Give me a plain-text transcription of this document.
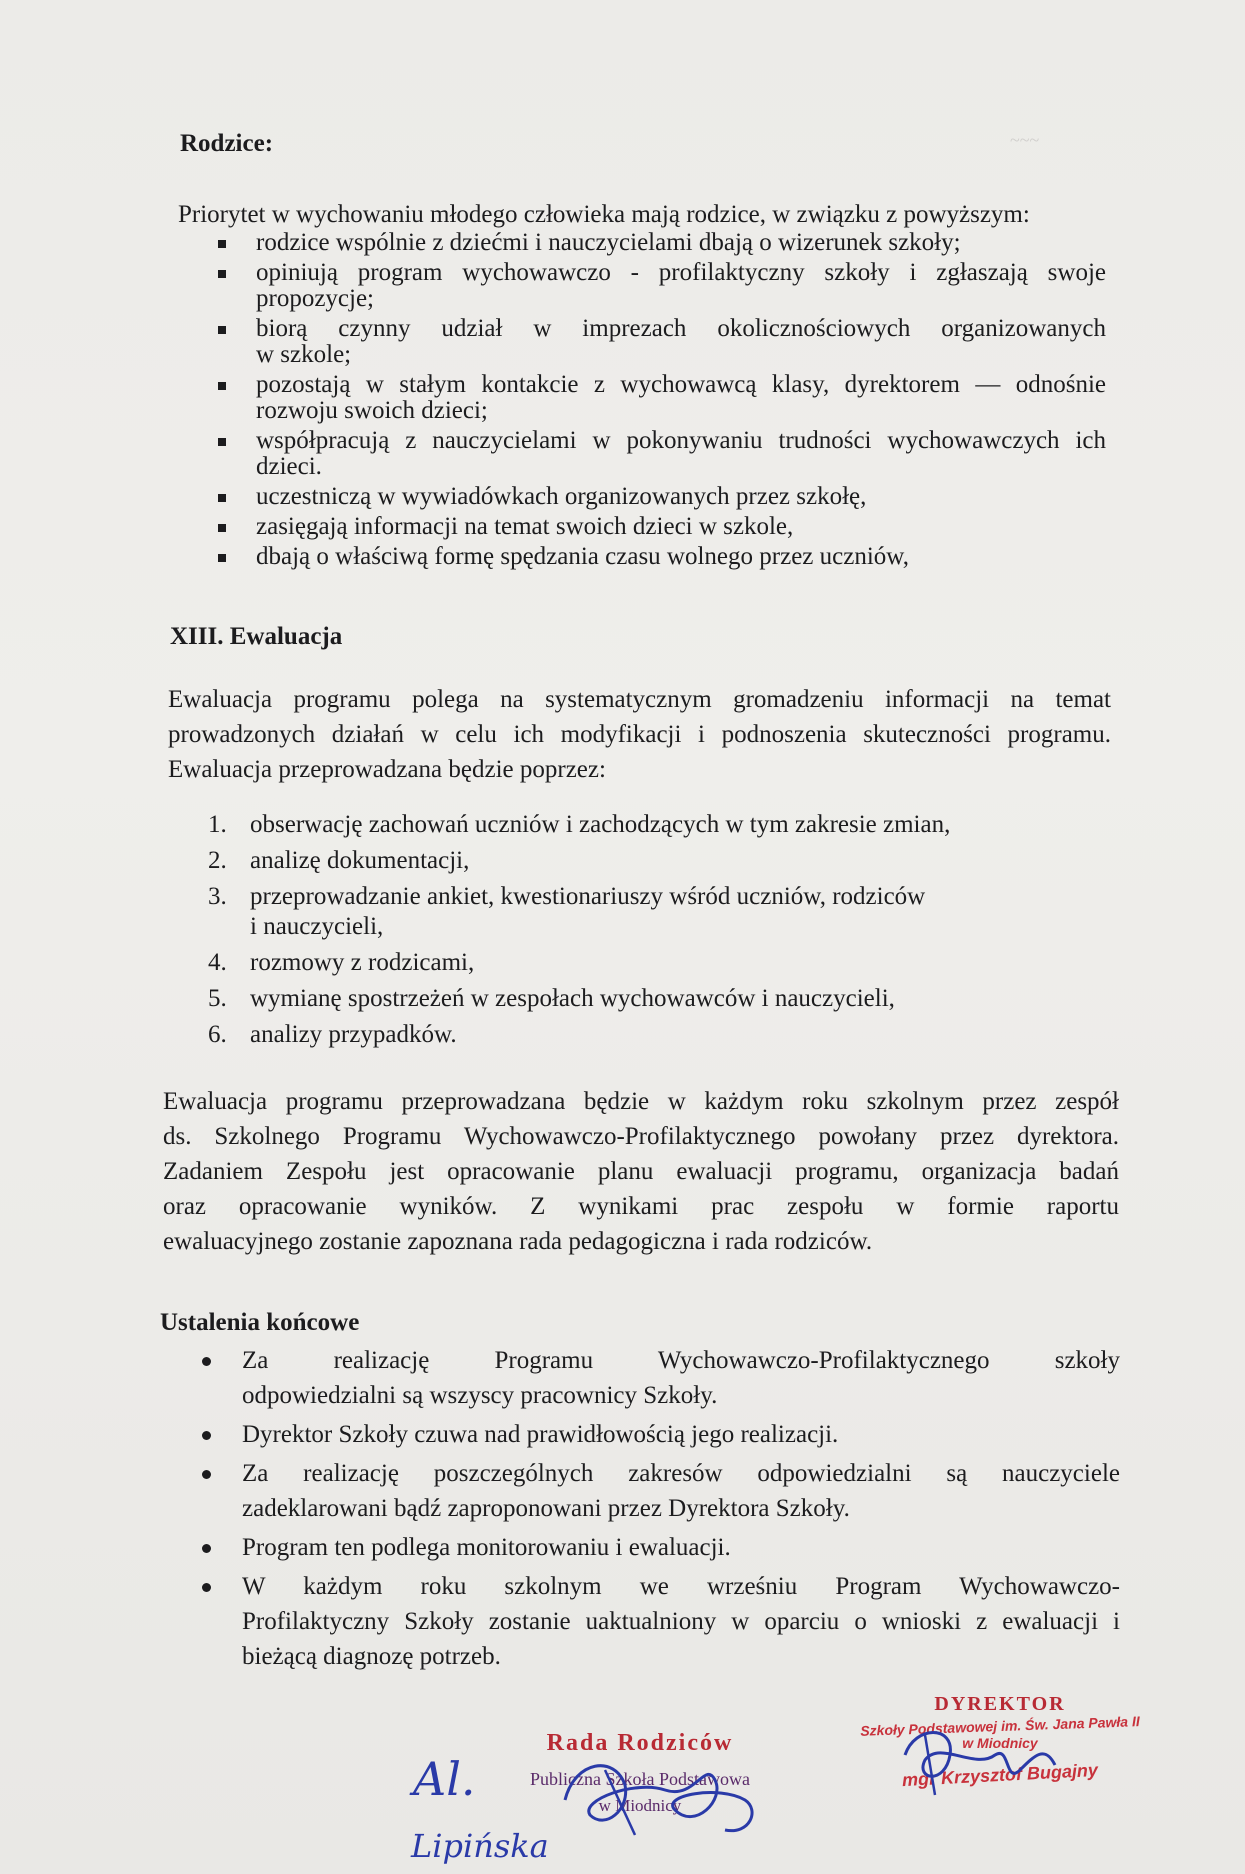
~~~
Rodzice:
Priorytet w wychowaniu młodego człowieka mają rodzice, w związku z powyższym:
rodzice wspólnie z dziećmi i nauczycielami dbają o wizerunek szkoły;
opiniują program wychowawczo - profilaktyczny szkoły i zgłaszają swoje
propozycje;
biorą czynny udział w imprezach okolicznościowych organizowanych
w szkole;
pozostają w stałym kontakcie z wychowawcą klasy, dyrektorem — odnośnie
rozwoju swoich dzieci;
współpracują z nauczycielami w pokonywaniu trudności wychowawczych ich
dzieci.
uczestniczą w wywiadówkach organizowanych przez szkołę,
zasięgają informacji na temat swoich dzieci w szkole,
dbają o właściwą formę spędzania czasu wolnego przez uczniów,
XIII. Ewaluacja
Ewaluacja programu polega na systematycznym gromadzeniu informacji na temat
prowadzonych działań w celu ich modyfikacji i podnoszenia skuteczności programu.
Ewaluacja przeprowadzana będzie poprzez:
1. obserwację zachowań uczniów i zachodzących w tym zakresie zmian,
2. analizę dokumentacji,
3. przeprowadzanie ankiet, kwestionariuszy wśród uczniów, rodziców
i nauczycieli,
4. rozmowy z rodzicami,
5. wymianę spostrzeżeń w zespołach wychowawców i nauczycieli,
6. analizy przypadków.
Ewaluacja programu przeprowadzana będzie w każdym roku szkolnym przez zespół
ds. Szkolnego Programu Wychowawczo-Profilaktycznego powołany przez dyrektora.
Zadaniem Zespołu jest opracowanie planu ewaluacji programu, organizacja badań
oraz opracowanie wyników. Z wynikami prac zespołu w formie raportu
ewaluacyjnego zostanie zapoznana rada pedagogiczna i rada rodziców.
Ustalenia końcowe
Za realizację Programu Wychowawczo-Profilaktycznego szkoły
odpowiedzialni są wszyscy pracownicy Szkoły.
Dyrektor Szkoły czuwa nad prawidłowością jego realizacji.
Za realizację poszczególnych zakresów odpowiedzialni są nauczyciele
zadeklarowani bądź zaproponowani przez Dyrektora Szkoły.
Program ten podlega monitorowaniu i ewaluacji.
W każdym roku szkolnym we wrześniu Program Wychowawczo-
Profilaktyczny Szkoły zostanie uaktualniony w oparciu o wnioski z ewaluacji i
bieżącą diagnozę potrzeb.
Al.
Lipińska
Rada Rodziców
Publiczna Szkoła Podstawowa
w Miodnicy
DYREKTOR
Szkoły Podstawowej im. Św. Jana Pawła II
w Miodnicy
mgr Krzysztof Bugajny
